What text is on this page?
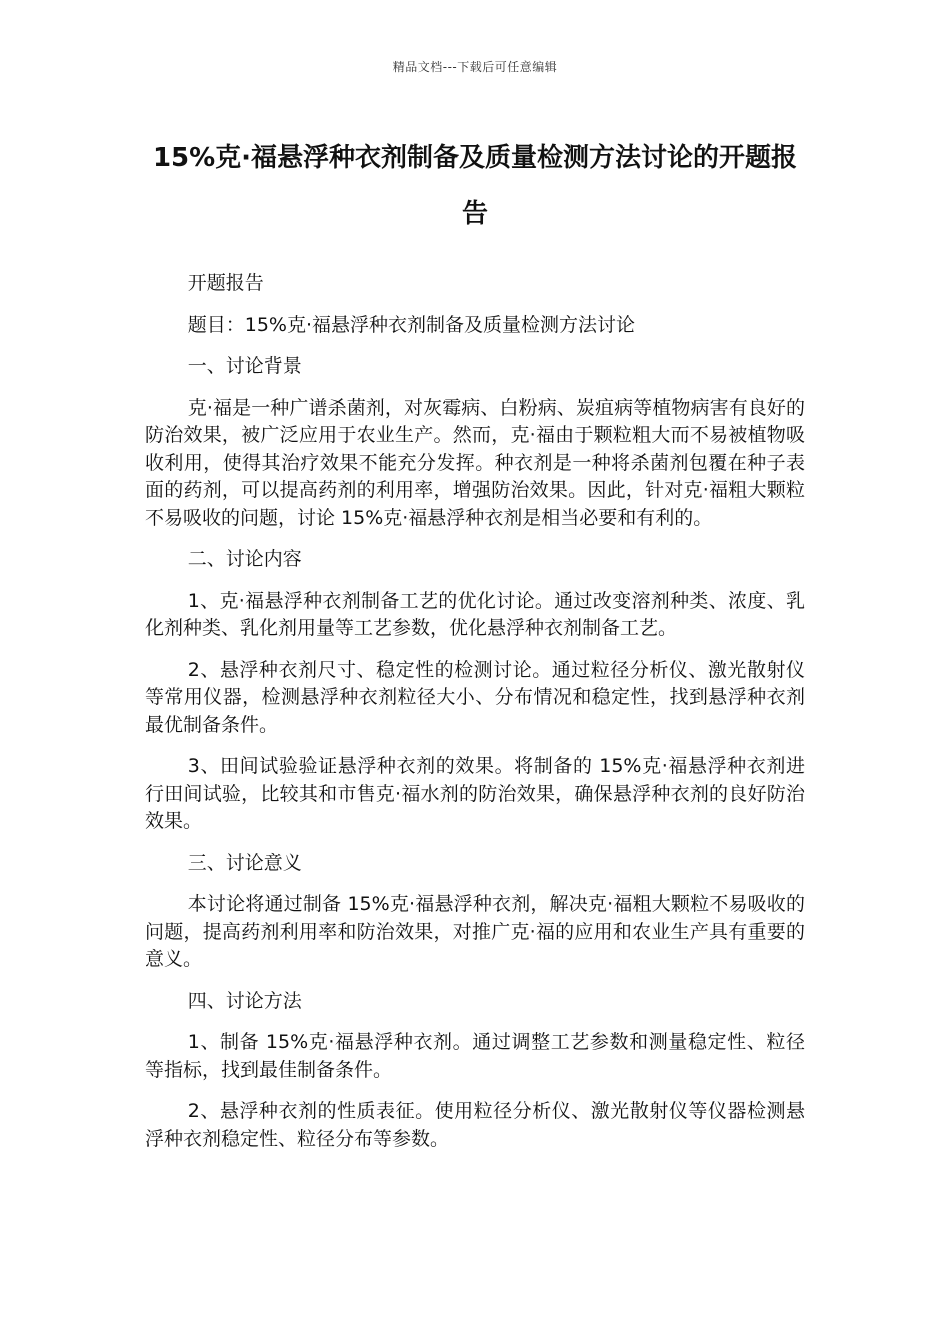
精品文档---下载后可任意编辑
15%克·福悬浮种衣剂制备及质量检测方法讨论的开题报告

开题报告

题目：15%克·福悬浮种衣剂制备及质量检测方法讨论

一、讨论背景

克·福是一种广谱杀菌剂，对灰霉病、白粉病、炭疽病等植物病害有良好的防治效果，被广泛应用于农业生产。然而，克·福由于颗粒粗大而不易被植物吸收利用，使得其治疗效果不能充分发挥。种衣剂是一种将杀菌剂包覆在种子表面的药剂，可以提高药剂的利用率，增强防治效果。因此，针对克·福粗大颗粒不易吸收的问题，讨论 15%克·福悬浮种衣剂是相当必要和有利的。

二、讨论内容

1、克·福悬浮种衣剂制备工艺的优化讨论。通过改变溶剂种类、浓度、乳化剂种类、乳化剂用量等工艺参数，优化悬浮种衣剂制备工艺。

2、悬浮种衣剂尺寸、稳定性的检测讨论。通过粒径分析仪、激光散射仪等常用仪器，检测悬浮种衣剂粒径大小、分布情况和稳定性，找到悬浮种衣剂最优制备条件。

3、田间试验验证悬浮种衣剂的效果。将制备的 15%克·福悬浮种衣剂进行田间试验，比较其和市售克·福水剂的防治效果，确保悬浮种衣剂的良好防治效果。

三、讨论意义

本讨论将通过制备 15%克·福悬浮种衣剂，解决克·福粗大颗粒不易吸收的问题，提高药剂利用率和防治效果，对推广克·福的应用和农业生产具有重要的意义。

四、讨论方法

1、制备 15%克·福悬浮种衣剂。通过调整工艺参数和测量稳定性、粒径等指标，找到最佳制备条件。

2、悬浮种衣剂的性质表征。使用粒径分析仪、激光散射仪等仪器检测悬浮种衣剂稳定性、粒径分布等参数。
